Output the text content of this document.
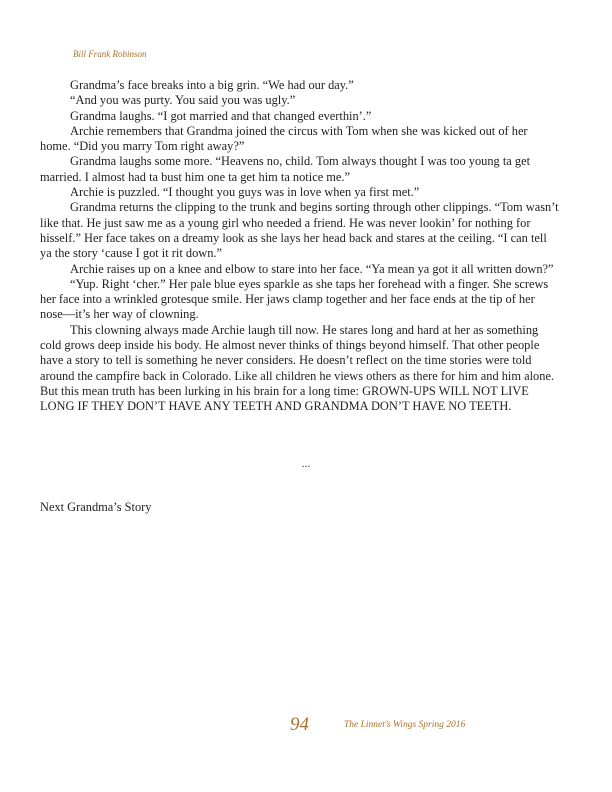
Bill Frank Robinson

Grandma’s face breaks into a big grin. “We had our day.”

“And you was purty. You said you was ugly.”

Grandma laughs. “I got married and that changed everthin’.”

Archie remembers that Grandma joined the circus with Tom when she was kicked out of her home. “Did you marry Tom right away?”

Grandma laughs some more. “Heavens no, child. Tom always thought I was too young ta get married. I almost had ta bust him one ta get him ta notice me.”

Archie is puzzled. “I thought you guys was in love when ya first met.”

Grandma returns the clipping to the trunk and begins sorting through other clippings. “Tom wasn’t like that. He just saw me as a young girl who needed a friend. He was never lookin’ for nothing for hisself.” Her face takes on a dreamy look as she lays her head back and stares at the ceiling. “I can tell ya the story ‘cause I got it rit down.”

Archie raises up on a knee and elbow to stare into her face. “Ya mean ya got it all written down?”

“Yup. Right ‘cher.” Her pale blue eyes sparkle as she taps her forehead with a finger. She screws her face into a wrinkled grotesque smile. Her jaws clamp together and her face ends at the tip of her nose—it’s her way of clowning.

This clowning always made Archie laugh till now. He stares long and hard at her as something cold grows deep inside his body. He almost never thinks of things beyond himself. That other people have a story to tell is something he never considers. He doesn’t reflect on the time stories were told around the campfire back in Colorado. Like all children he views others as there for him and him alone. But this mean truth has been lurking in his brain for a long time: GROWN-UPS WILL NOT LIVE LONG IF THEY DON’T HAVE ANY TEETH AND GRANDMA DON’T HAVE NO TEETH.

...
Next Grandma’s Story
94	The Linnet’s Wings Spring 2016
